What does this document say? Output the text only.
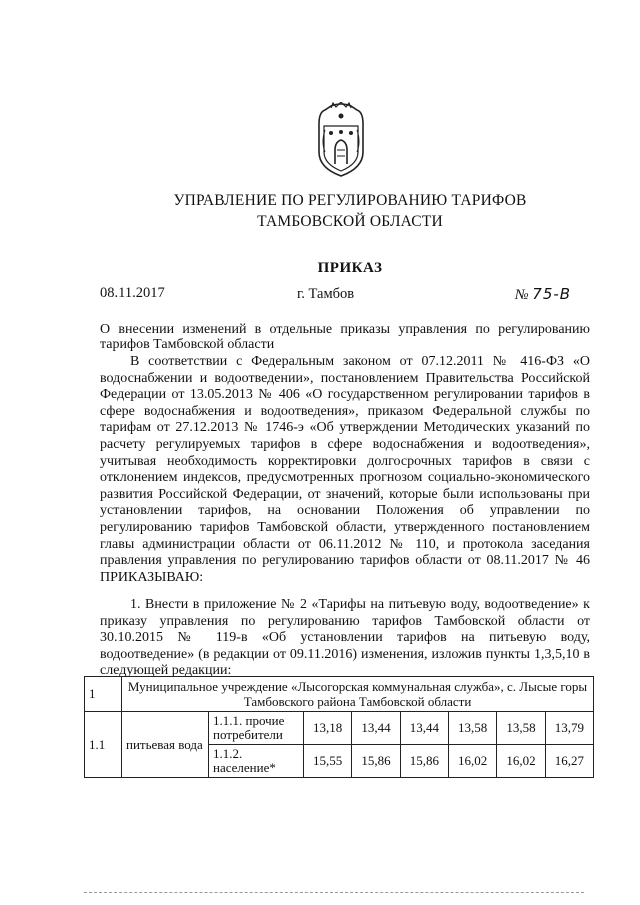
УПРАВЛЕНИЕ ПО РЕГУЛИРОВАНИЮ ТАРИФОВ
ТАМБОВСКОЙ ОБЛАСТИ
ПРИКАЗ
08.11.2017	г. Тамбов	№ 75-В
О внесении изменений в отдельные приказы управления по регулированию тарифов Тамбовской области
В соответствии с Федеральным законом от 07.12.2011 № 416-ФЗ «О водоснабжении и водоотведении», постановлением Правительства Российской Федерации от 13.05.2013 № 406 «О государственном регулировании тарифов в сфере водоснабжения и водоотведения», приказом Федеральной службы по тарифам от 27.12.2013 № 1746-э «Об утверждении Методических указаний по расчету регулируемых тарифов в сфере водоснабжения и водоотведения», учитывая необходимость корректировки долгосрочных тарифов в связи с отклонением индексов, предусмотренных прогнозом социально-экономического развития Российской Федерации, от значений, которые были использованы при установлении тарифов, на основании Положения об управлении по регулированию тарифов Тамбовской области, утвержденного постановлением главы администрации области от 06.11.2012 № 110, и протокола заседания правления управления по регулированию тарифов области от 08.11.2017 № 46 ПРИКАЗЫВАЮ:
1. Внести в приложение № 2 «Тарифы на питьевую воду, водоотведение» к приказу управления по регулированию тарифов Тамбовской области от 30.10.2015 № 119-в «Об установлении тарифов на питьевую воду, водоотведение» (в редакции от 09.11.2016) изменения, изложив пункты 1,3,5,10 в следующей редакции:
1	Муниципальное учреждение «Лысогорская коммунальная служба», с. Лысые горы Тамбовского района Тамбовской области							
1.1	питьевая вода	1.1.1. прочие потребители	13,18	13,44	13,44	13,58	13,58	13,79
		1.1.2. население*	15,55	15,86	15,86	16,02	16,02	16,27
